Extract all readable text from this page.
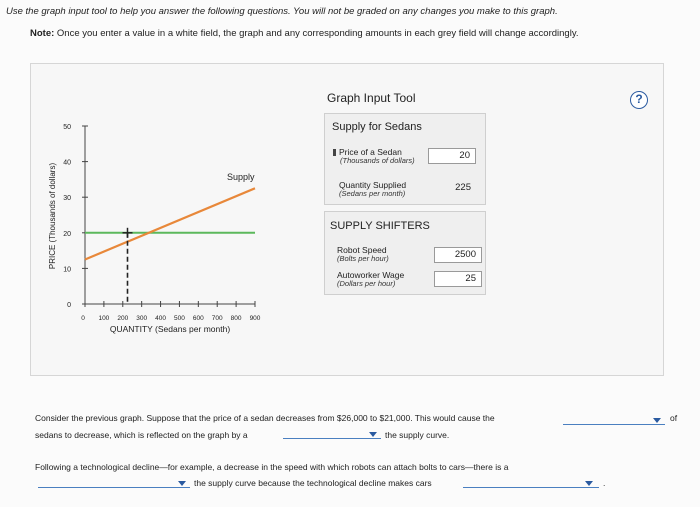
Use the graph input tool to help you answer the following questions. You will not be graded on any changes you make to this graph.
Note: Once you enter a value in a white field, the graph and any corresponding amounts in each grey field will change accordingly.
0
10
20
30
40
50
0 100 200 300 400 500 600 700 800 900
PRICE (Thousands of dollars)
QUANTITY (Sedans per month)
Supply
Graph Input Tool	?
Supply for Sedans
Price of a Sedan
(Thousands of dollars)	20
Quantity Supplied
(Sedans per month)
225
SUPPLY SHIFTERS
Robot Speed
(Bolts per hour)	2500
Autoworker Wage
(Dollars per hour)	25
Consider the previous graph. Suppose that the price of a sedan decreases from $26,000 to $21,000. This would cause the	of
sedans to decrease, which is reflected on the graph by a	the supply curve.
Following a technological decline—for example, a decrease in the speed with which robots can attach bolts to cars—there is a
the supply curve because the technological decline makes cars	.
